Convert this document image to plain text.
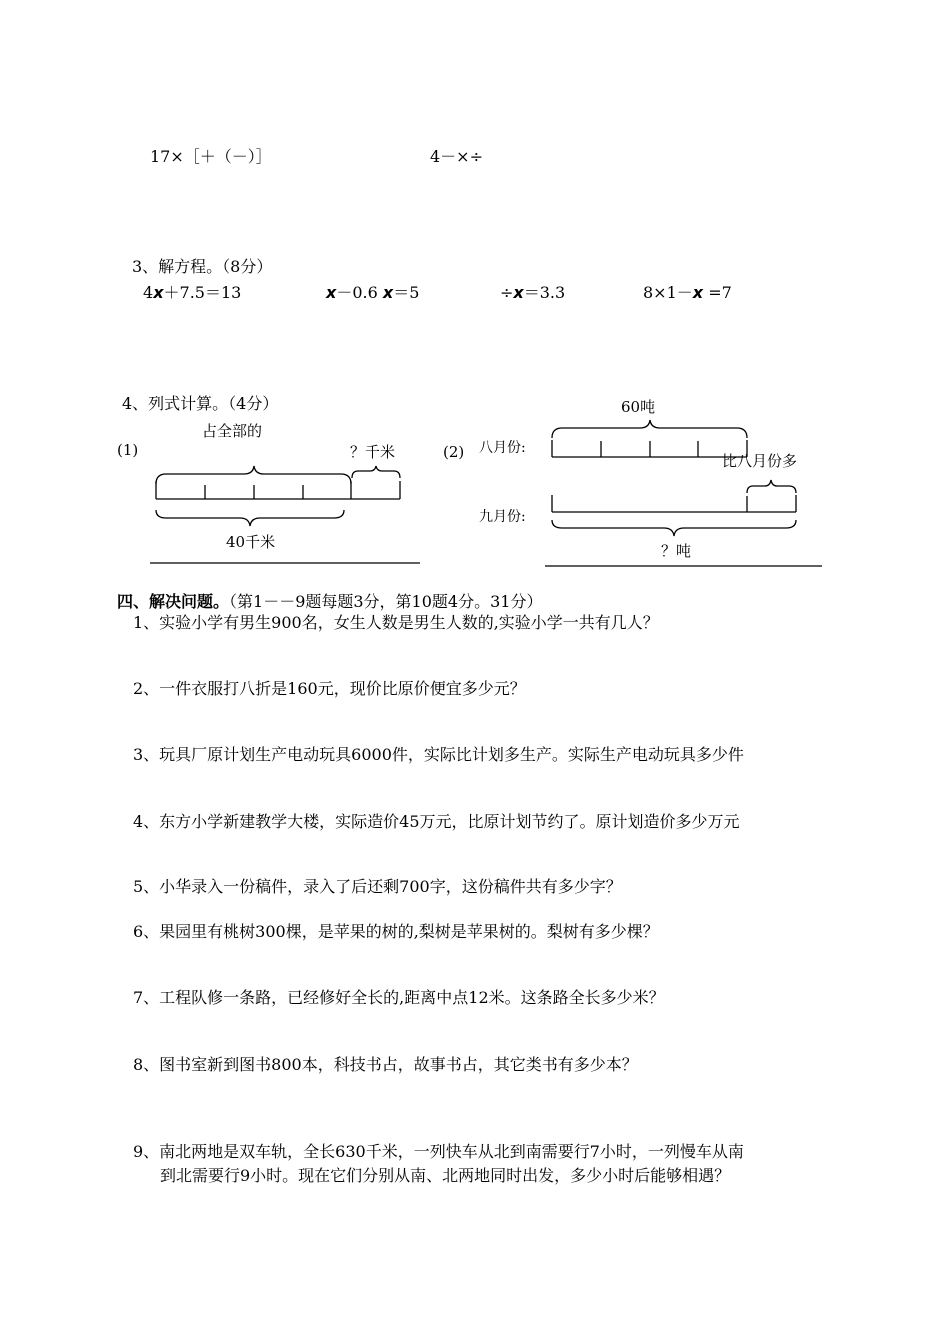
17×［＋（－）］	4－×÷
3、解方程。（8分）
4x＋7.5＝13	x－0.6 x＝5	÷x＝3.3	8×1－x =7
4、列式计算。（4分）
(1)
占全部的
？千米
40千米
(2) 八月份:
60吨
比八月份多
九月份:
？吨
四、解决问题。（第1－－9题每题3分，第10题4分。31分）
1、实验小学有男生900名，女生人数是男生人数的,实验小学一共有几人？
2、一件衣服打八折是160元，现价比原价便宜多少元？
3、玩具厂原计划生产电动玩具6000件，实际比计划多生产。实际生产电动玩具多少件
4、东方小学新建教学大楼，实际造价45万元，比原计划节约了。原计划造价多少万元
5、小华录入一份稿件，录入了后还剩700字，这份稿件共有多少字？
6、果园里有桃树300棵，是苹果的树的,梨树是苹果树的。梨树有多少棵？
7、工程队修一条路，已经修好全长的,距离中点12米。这条路全长多少米？
8、图书室新到图书800本，科技书占，故事书占，其它类书有多少本？
9、南北两地是双车轨，全长630千米，一列快车从北到南需要行7小时，一列慢车从南
到北需要行9小时。现在它们分别从南、北两地同时出发，多少小时后能够相遇？
